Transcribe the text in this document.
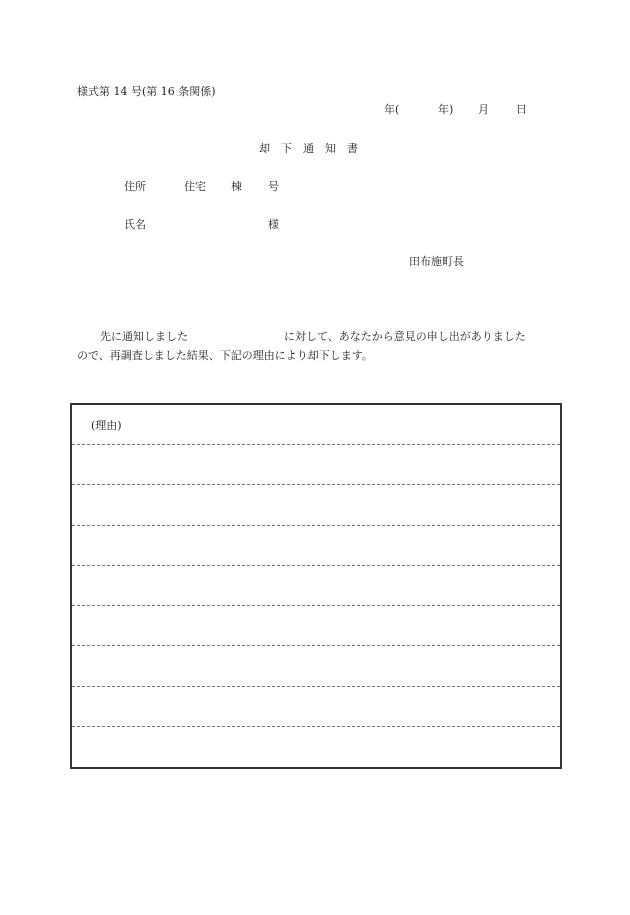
様式第 14 号(第 16 条関係)
年(	年) 月 日
却 下 通 知 書
住所	住宅 棟 号
氏名	様
田布施町長
先に通知しました	に対して、あなたから意見の申し出がありました
ので、再調査しました結果、下記の理由により却下します。
(理由)
